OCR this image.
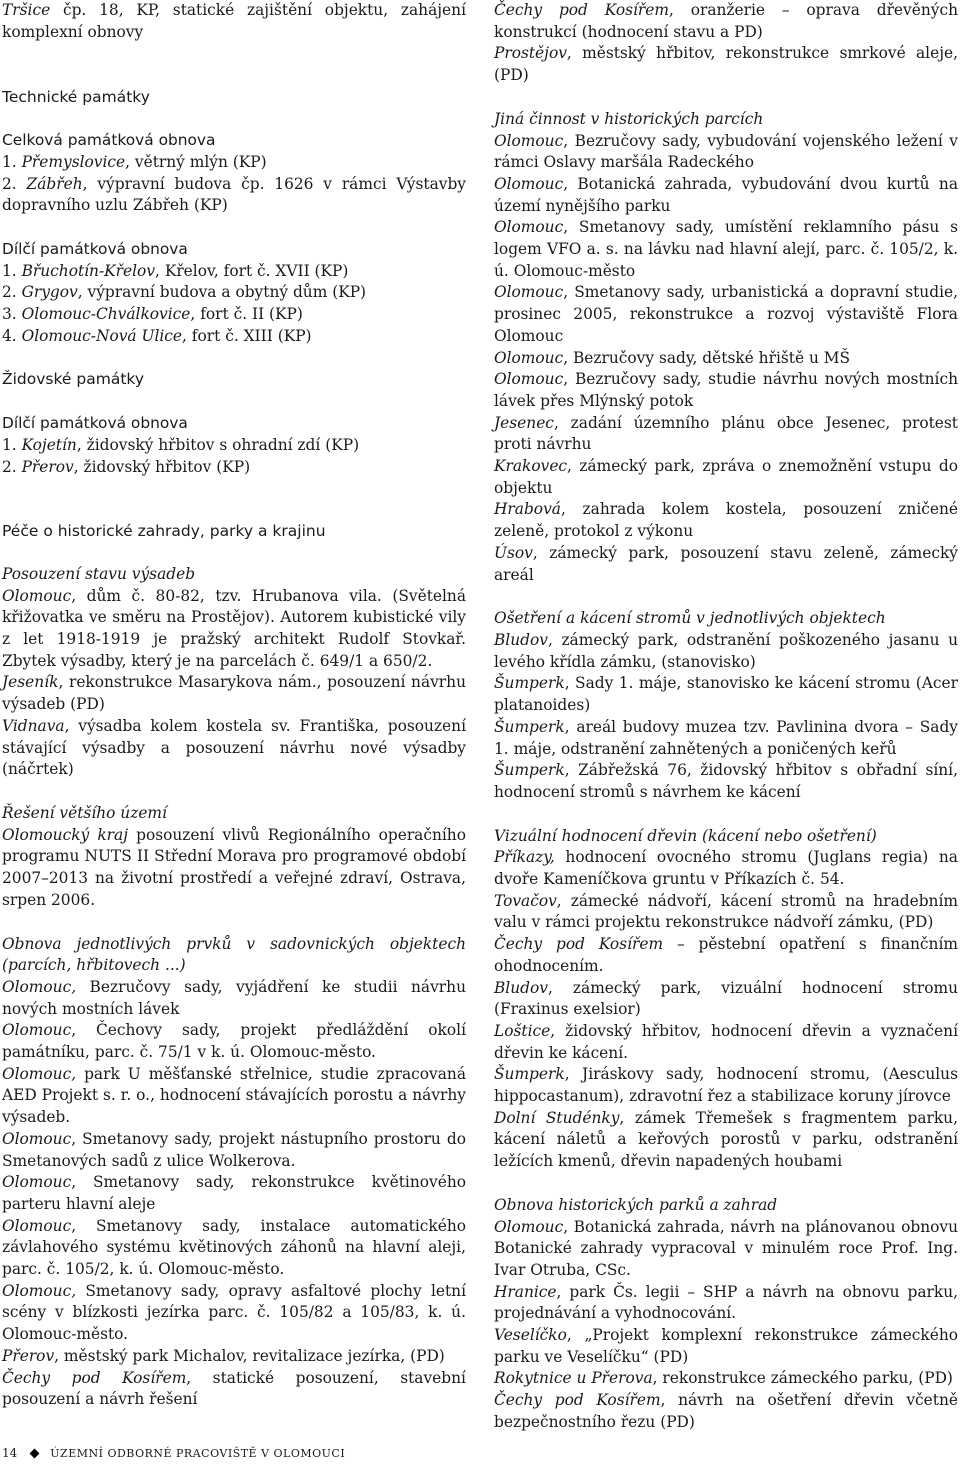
Tršice čp. 18, KP, statické zajištění objektu, zahájení komplexní obnovy

Technické památky

Celková památková obnova

1. Přemyslovice, větrný mlýn (KP)

2. Zábřeh, výpravní budova čp. 1626 v rámci Výstavby dopravního uzlu Zábřeh (KP)

Dílčí památková obnova

1. Břuchotín-Křelov, Křelov, fort č. XVII (KP)

2. Grygov, výpravní budova a obytný dům (KP)

3. Olomouc-Chválkovice, fort č. II (KP)

4. Olomouc-Nová Ulice, fort č. XIII (KP)

Židovské památky

Dílčí památková obnova

1. Kojetín, židovský hřbitov s ohradní zdí (KP)

2. Přerov, židovský hřbitov (KP)

Péče o historické zahrady, parky a krajinu

Posouzení stavu výsadeb

Olomouc, dům č. 80-82, tzv. Hrubanova vila. (Světelná křižovatka ve směru na Prostějov). Autorem kubistické vily z let 1918-1919 je pražský architekt Rudolf Stovkař. Zbytek výsadby, který je na parcelách č. 649/1 a 650/2.

Jeseník, rekonstrukce Masarykova nám., posouzení návrhu výsadeb (PD)

Vidnava, výsadba kolem kostela sv. Františka, posouzení stávající výsadby a posouzení návrhu nové výsadby (náčrtek)

Řešení většího území

Olomoucký kraj posouzení vlivů Regionálního operačního programu NUTS II Střední Morava pro programové období 2007–2013 na životní prostředí a veřejné zdraví, Ostrava, srpen 2006.

Obnova jednotlivých prvků v sadovnických objektech (parcích, hřbitovech ...)

Olomouc, Bezručovy sady, vyjádření ke studii návrhu nových mostních lávek

Olomouc, Čechovy sady, projekt předláždění okolí památníku, parc. č. 75/1 v k. ú. Olomouc-město.

Olomouc, park U měšťanské střelnice, studie zpracovaná AED Projekt s. r. o., hodnocení stávajících porostu a návrhy výsadeb.

Olomouc, Smetanovy sady, projekt nástupního prostoru do Smetanových sadů z ulice Wolkerova.

Olomouc, Smetanovy sady, rekonstrukce květinového parteru hlavní aleje

Olomouc, Smetanovy sady, instalace automatického závlahového systému květinových záhonů na hlavní aleji, parc. č. 105/2, k. ú. Olomouc-město.

Olomouc, Smetanovy sady, opravy asfaltové plochy letní scény v blízkosti jezírka parc. č. 105/82 a 105/83, k. ú. Olomouc-město.

Přerov, městský park Michalov, revitalizace jezírka, (PD)

Čechy pod Kosířem, statické posouzení, stavební posouzení a návrh řešení

Čechy pod Kosířem, oranžerie – oprava dřevěných konstrukcí (hodnocení stavu a PD)

Prostějov, městský hřbitov, rekonstrukce smrkové aleje, (PD)

Jiná činnost v historických parcích

Olomouc, Bezručovy sady, vybudování vojenského ležení v rámci Oslavy maršála Radeckého

Olomouc, Botanická zahrada, vybudování dvou kurtů na území nynějšího parku

Olomouc, Smetanovy sady, umístění reklamního pásu s logem VFO a. s. na lávku nad hlavní alejí, parc. č. 105/2, k. ú. Olomouc-město

Olomouc, Smetanovy sady, urbanistická a dopravní studie, prosinec 2005, rekonstrukce a rozvoj výstaviště Flora Olomouc

Olomouc, Bezručovy sady, dětské hřiště u MŠ

Olomouc, Bezručovy sady, studie návrhu nových mostních lávek přes Mlýnský potok

Jesenec, zadání územního plánu obce Jesenec, protest proti návrhu

Krakovec, zámecký park, zpráva o znemožnění vstupu do objektu

Hrabová, zahrada kolem kostela, posouzení zničené zeleně, protokol z výkonu

Úsov, zámecký park, posouzení stavu zeleně, zámecký areál

Ošetření a kácení stromů v jednotlivých objektech

Bludov, zámecký park, odstranění poškozeného jasanu u levého křídla zámku, (stanovisko)

Šumperk, Sady 1. máje, stanovisko ke kácení stromu (Acer platanoides)

Šumperk, areál budovy muzea tzv. Pavlinina dvora – Sady 1. máje, odstranění zahnětených a poničených keřů

Šumperk, Zábřežská 76, židovský hřbitov s obřadní síní, hodnocení stromů s návrhem ke kácení

Vizuální hodnocení dřevin (kácení nebo ošetření)

Příkazy, hodnocení ovocného stromu (Juglans regia) na dvoře Kameníčkova gruntu v Příkazích č. 54.

Tovačov, zámecké nádvoří, kácení stromů na hradebním valu v rámci projektu rekonstrukce nádvoří zámku, (PD)

Čechy pod Kosířem – pěstební opatření s finančním ohodnocením.

Bludov, zámecký park, vizuální hodnocení stromu (Fraxinus exelsior)

Loštice, židovský hřbitov, hodnocení dřevin a vyznačení dřevin ke kácení.

Šumperk, Jiráskovy sady, hodnocení stromu, (Aesculus hippocastanum), zdravotní řez a stabilizace koruny jírovce

Dolní Studénky, zámek Třemešek s fragmentem parku, kácení náletů a keřových porostů v parku, odstranění ležících kmenů, dřevin napadených houbami

Obnova historických parků a zahrad

Olomouc, Botanická zahrada, návrh na plánovanou obnovu Botanické zahrady vypracoval v minulém roce Prof. Ing. Ivar Otruba, CSc.

Hranice, park Čs. legii – SHP a návrh na obnovu parku, projednávání a vyhodnocování.

Veselíčko, „Projekt komplexní rekonstrukce zámeckého parku ve Veselíčku“ (PD)

Rokytnice u Přerova, rekonstrukce zámeckého parku, (PD)

Čechy pod Kosířem, návrh na ošetření dřevin včetně bezpečnostního řezu (PD)

14	ÚZEMNÍ ODBORNÉ PRACOVIŠTĚ V OLOMOUCI
